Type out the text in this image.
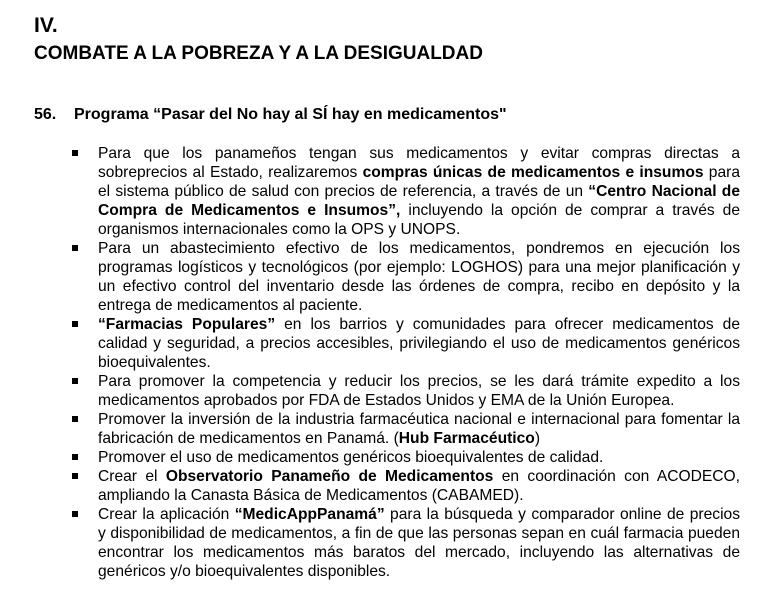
IV.
COMBATE A LA POBREZA Y A LA DESIGUALDAD
56. Programa “Pasar del No hay al SÍ hay en medicamentos"
Para que los panameños tengan sus medicamentos y evitar compras directas a sobreprecios al Estado, realizaremos compras únicas de medicamentos e insumos para el sistema público de salud con precios de referencia, a través de un “Centro Nacional de Compra de Medicamentos e Insumos”, incluyendo la opción de comprar a través de organismos internacionales como la OPS y UNOPS.
Para un abastecimiento efectivo de los medicamentos, pondremos en ejecución los programas logísticos y tecnológicos (por ejemplo: LOGHOS) para una mejor planificación y un efectivo control del inventario desde las órdenes de compra, recibo en depósito y la entrega de medicamentos al paciente.
“Farmacias Populares” en los barrios y comunidades para ofrecer medicamentos de calidad y seguridad, a precios accesibles, privilegiando el uso de medicamentos genéricos bioequivalentes.
Para promover la competencia y reducir los precios, se les dará trámite expedito a los medicamentos aprobados por FDA de Estados Unidos y EMA de la Unión Europea.
Promover la inversión de la industria farmacéutica nacional e internacional para fomentar la fabricación de medicamentos en Panamá. (Hub Farmacéutico)
Promover el uso de medicamentos genéricos bioequivalentes de calidad.
Crear el Observatorio Panameño de Medicamentos en coordinación con ACODECO, ampliando la Canasta Básica de Medicamentos (CABAMED).
Crear la aplicación “MedicAppPanamá” para la búsqueda y comparador online de precios y disponibilidad de medicamentos, a fin de que las personas sepan en cuál farmacia pueden encontrar los medicamentos más baratos del mercado, incluyendo las alternativas de genéricos y/o bioequivalentes disponibles.
